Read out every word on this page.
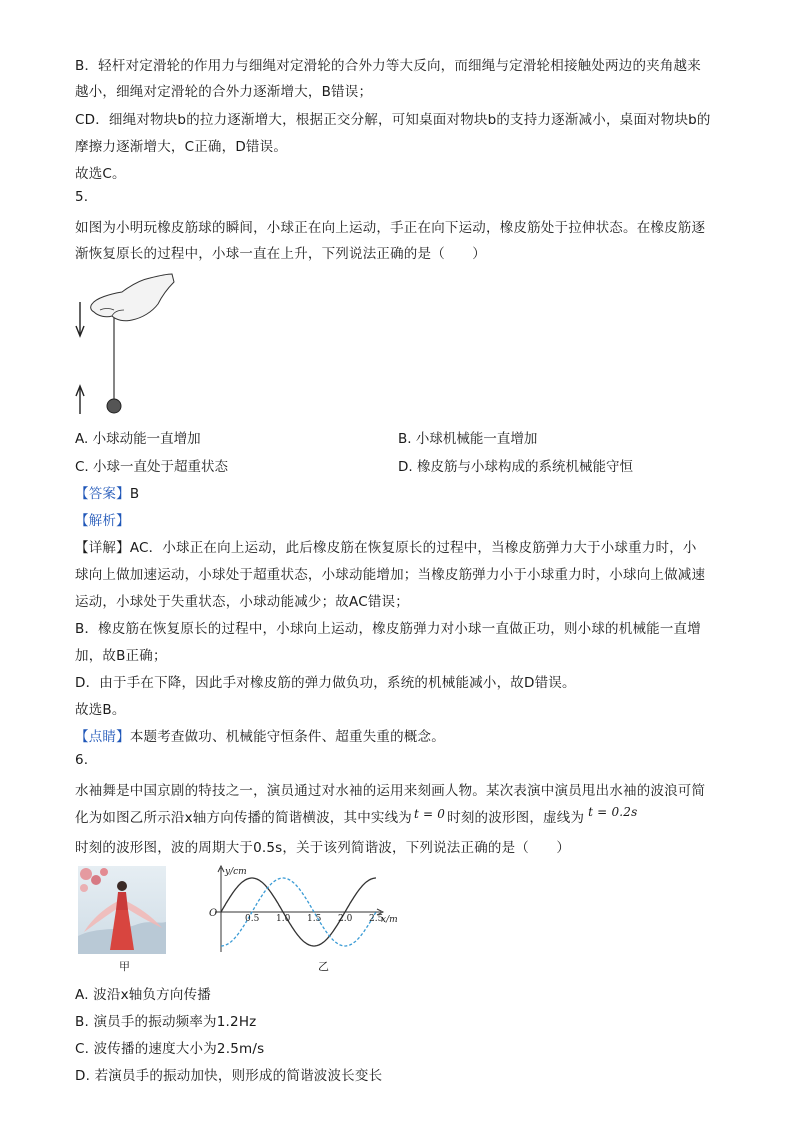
B．轻杆对定滑轮的作用力与细绳对定滑轮的合外力等大反向，而细绳与定滑轮相接触处两边的夹角越来
越小，细绳对定滑轮的合外力逐渐增大，B错误；
CD．细绳对物块b的拉力逐渐增大，根据正交分解，可知桌面对物块b的支持力逐渐减小，桌面对物块b的
摩擦力逐渐增大，C正确，D错误。
故选C。
5.
如图为小明玩橡皮筋球的瞬间，小球正在向上运动，手正在向下运动，橡皮筋处于拉伸状态。在橡皮筋逐
渐恢复原长的过程中，小球一直在上升，下列说法正确的是（　　）
A. 小球动能一直增加	B. 小球机械能一直增加
C. 小球一直处于超重状态	D. 橡皮筋与小球构成的系统机械能守恒
【答案】B
【解析】
【详解】AC．小球正在向上运动，此后橡皮筋在恢复原长的过程中，当橡皮筋弹力大于小球重力时，小
球向上做加速运动，小球处于超重状态，小球动能增加；当橡皮筋弹力小于小球重力时，小球向上做减速
运动，小球处于失重状态，小球动能减少；故AC错误；
B．橡皮筋在恢复原长的过程中，小球向上运动，橡皮筋弹力对小球一直做正功，则小球的机械能一直增
加，故B正确；
D．由于手在下降，因此手对橡皮筋的弹力做负功，系统的机械能减小，故D错误。
故选B。
【点睛】本题考查做功、机械能守恒条件、超重失重的概念。
6.
水袖舞是中国京剧的特技之一，演员通过对水袖的运用来刻画人物。某次表演中演员甩出水袖的波浪可简
化为如图乙所示沿x轴方向传播的简谐横波，其中实线为 t = 0 时刻的波形图，虚线为 t = 0.2s
时刻的波形图，波的周期大于0.5s，关于该列简谐波，下列说法正确的是（　　）
甲
y/cm
x/m
O	0.5 1.0 1.5 2.0 2.5
乙
A. 波沿x轴负方向传播
B. 演员手的振动频率为1.2Hz
C. 波传播的速度大小为2.5m/s
D. 若演员手的振动加快，则形成的简谐波波长变长
